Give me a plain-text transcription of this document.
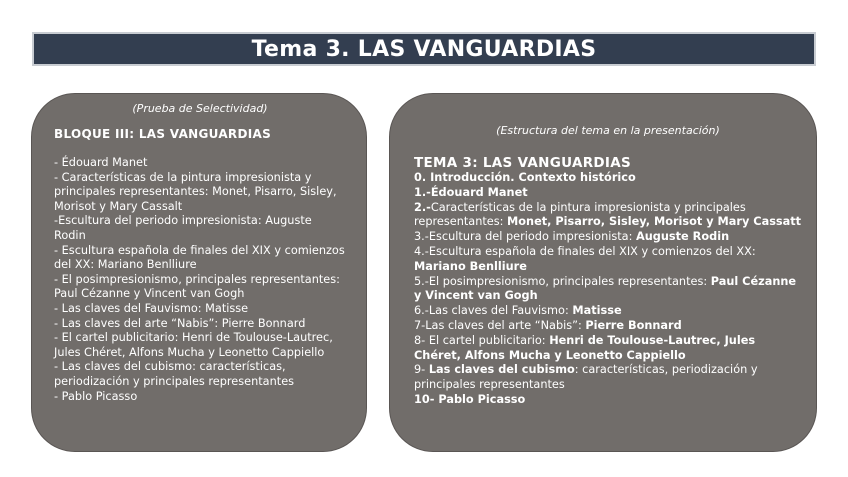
Tema 3. LAS VANGUARDIAS

(Prueba de Selectividad)

BLOQUE III: LAS VANGUARDIAS
- Édouard Manet
- Características de la pintura impresionista y principales representantes: Monet, Pisarro, Sisley, Morisot y Mary Cassalt
-Escultura del periodo impresionista: Auguste Rodin
- Escultura española de finales del XIX y comienzos del XX: Mariano Benlliure
- El posimpresionismo, principales representantes: Paul Cézanne y Vincent van Gogh
- Las claves del Fauvismo: Matisse
- Las claves del arte “Nabis”: Pierre Bonnard
- El cartel publicitario: Henri de Toulouse-Lautrec, Jules Chéret, Alfons Mucha y Leonetto Cappiello
- Las claves del cubismo: características, periodización y principales representantes
- Pablo Picasso

(Estructura del tema en la presentación)

TEMA 3: LAS VANGUARDIAS
0. Introducción. Contexto histórico
1.-Édouard Manet
2.-Características de la pintura impresionista y principales representantes: Monet, Pisarro, Sisley, Morisot y Mary Cassatt
3.-Escultura del periodo impresionista: Auguste Rodin
4.-Escultura española de finales del XIX y comienzos del XX: Mariano Benlliure
5.-El posimpresionismo, principales representantes: Paul Cézanne y Vincent van Gogh
6.-Las claves del Fauvismo: Matisse
7-Las claves del arte “Nabis”: Pierre Bonnard
8- El cartel publicitario: Henri de Toulouse-Lautrec, Jules Chéret, Alfons Mucha y Leonetto Cappiello
9- Las claves del cubismo: características, periodización y principales representantes
10- Pablo Picasso
